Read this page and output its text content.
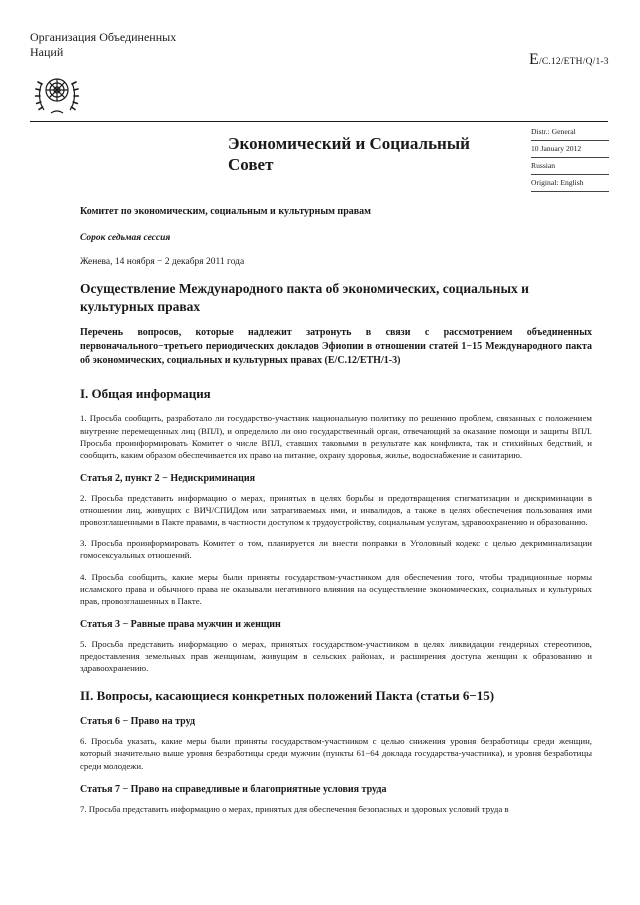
Организация Объединенных Наций	E/C.12/ETH/Q/1-3
Экономический и Социальный Совет
Distr.: General
10 January 2012
Russian
Original: English

Комитет по экономическим, социальным и культурным правам

Сорок седьмая сессия

Женева, 14 ноября − 2 декабря 2011 года

Осуществление Международного пакта об экономических, социальных и культурных правах

Перечень вопросов, которые надлежит затронуть в связи с рассмотрением объединенных первоначального−третьего периодических докладов Эфиопии в отношении статей 1−15 Международного пакта об экономических, социальных и культурных правах (E/C.12/ETH/1-3)

I. Общая информация

1. Просьба сообщить, разработало ли государство-участник национальную политику по решению проблем, связанных с положением внутренне перемещенных лиц (ВПЛ), и определило ли оно государственный орган, отвечающий за оказание помощи и защиты ВПЛ. Просьба проинформировать Комитет о числе ВПЛ, ставших таковыми в результате как конфликта, так и стихийных бедствий, и сообщить, каким образом обеспечивается их право на питание, охрану здоровья, жилье, водоснабжение и санитарию.

Статья 2, пункт 2 − Недискриминация

2. Просьба представить информацию о мерах, принятых в целях борьбы и предотвращения стигматизации и дискриминации в отношении лиц, живущих с ВИЧ/СПИДом или затрагиваемых ими, и инвалидов, а также в целях обеспечения пользования ими провозглашенными в Пакте правами, в частности доступом к трудоустройству, социальным услугам, здравоохранению и образованию.

3. Просьба проинформировать Комитет о том, планируется ли внести поправки в Уголовный кодекс с целью декриминализации гомосексуальных отношений.

4. Просьба сообщить, какие меры были приняты государством-участником для обеспечения того, чтобы традиционные нормы исламского права и обычного права не оказывали негативного влияния на осуществление экономических, социальных и культурных прав, провозглашенных в Пакте.

Статья 3 − Равные права мужчин и женщин

5. Просьба представить информацию о мерах, принятых государством-участником в целях ликвидации гендерных стереотипов, предоставления земельных прав женщинам, живущим в сельских районах, и расширения доступа женщин к образованию и здравоохранению.

II. Вопросы, касающиеся конкретных положений Пакта (статьи 6−15)
Статья 6 − Право на труд

6. Просьба указать, какие меры были приняты государством-участником с целью снижения уровня безработицы среди женщин, который значительно выше уровня безработицы среди мужчин (пункты 61−64 доклада государства-участника), и уровня безработицы среди молодежи.

Статья 7 − Право на справедливые и благоприятные условия труда

7. Просьба представить информацию о мерах, принятых для обеспечения безопасных и здоровых условий труда в
